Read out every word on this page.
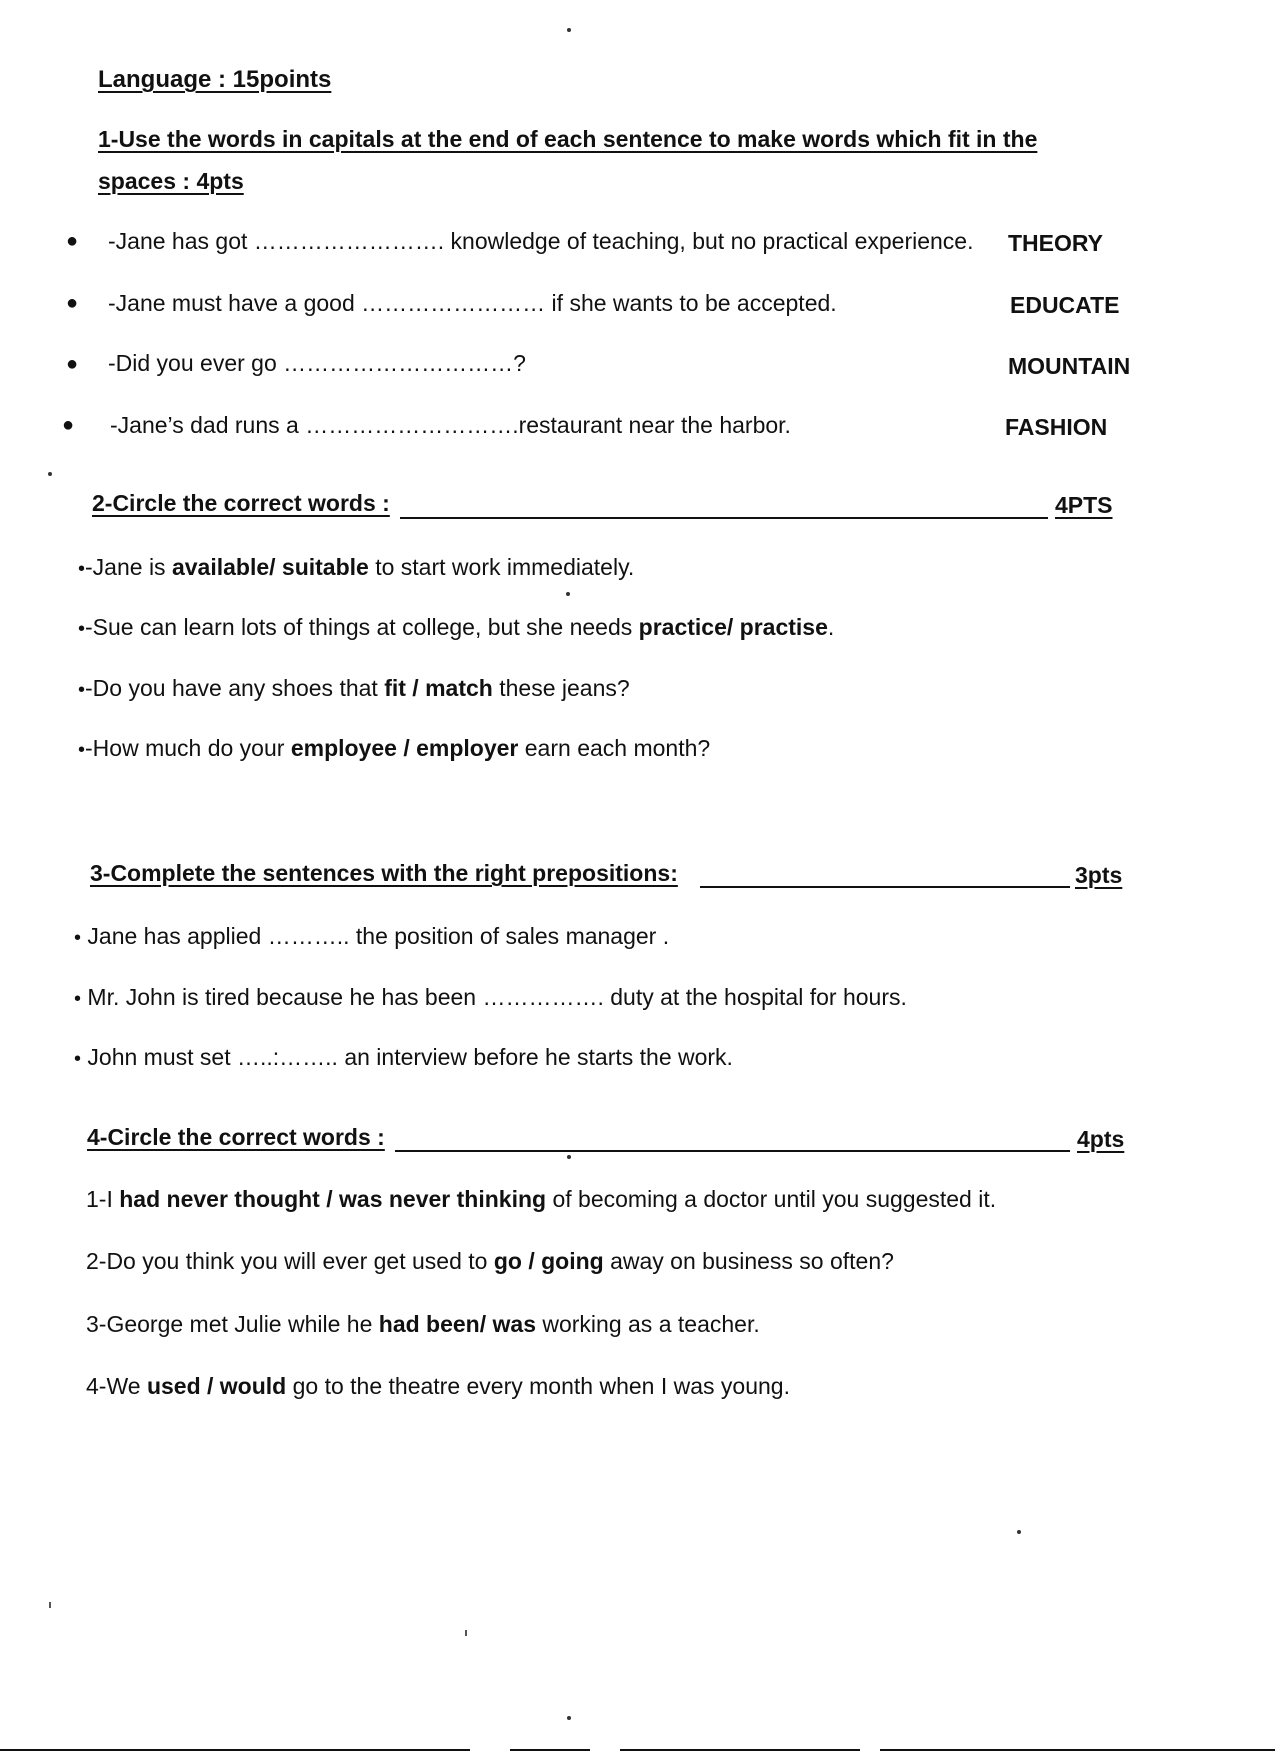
Language : 15points
1-Use the words in capitals at the end of each sentence to make words which fit in the
spaces : 4pts
● -Jane has got ……………………. knowledge of teaching, but no practical experience. THEORY
● -Jane must have a good …………………… if she wants to be accepted.	EDUCATE
● -Did you ever go …………………………?	MOUNTAIN
● -Jane’s dad runs a ……………………….restaurant near the harbor.	FASHION
2-Circle the correct words :	4PTS
•-Jane is available/ suitable to start work immediately.
•-Sue can learn lots of things at college, but she needs practice/ practise.
•-Do you have any shoes that fit / match these jeans?
•-How much do your employee / employer earn each month?
3-Complete the sentences with the right prepositions:	3pts
• Jane has applied ……….. the position of sales manager .
• Mr. John is tired because he has been ……………. duty at the hospital for hours.
• John must set …..:…….. an interview before he starts the work.
4-Circle the correct words :	4pts
1-I had never thought / was never thinking of becoming a doctor until you suggested it.
2-Do you think you will ever get used to go / going away on business so often?
3-George met Julie while he had been/ was working as a teacher.
4-We used / would go to the theatre every month when I was young.
